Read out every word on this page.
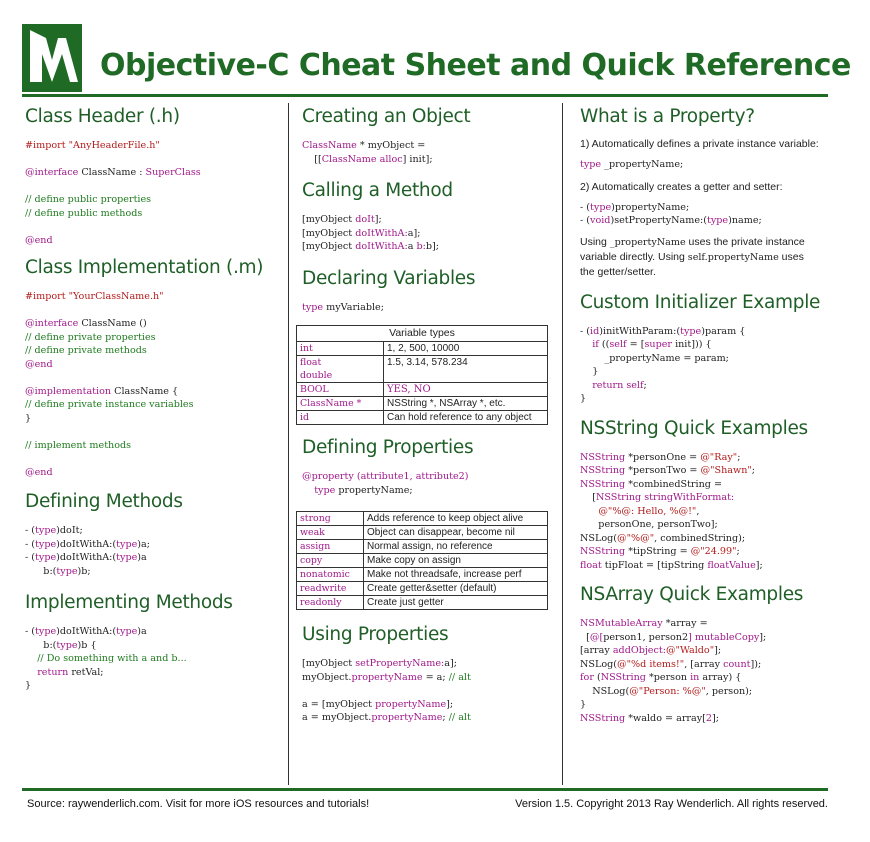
Objective-C Cheat Sheet and Quick Reference
Class Header (.h)
#import "AnyHeaderFile.h"

@interface ClassName : SuperClass

// define public properties
// define public methods

@end
Class Implementation (.m)
#import "YourClassName.h"

@interface ClassName ()
// define private properties
// define private methods
@end

@implementation ClassName {
// define private instance variables
}

// implement methods

@end
Defining Methods
- (type)doIt;
- (type)doItWithA:(type)a;
- (type)doItWithA:(type)a
b:(type)b;
Implementing Methods
- (type)doItWithA:(type)a
b:(type)b {
// Do something with a and b...
return retVal;
}
Creating an Object
ClassName * myObject =
[[ClassName alloc] init];
Calling a Method
[myObject doIt];
[myObject doItWithA:a];
[myObject doItWithA:a b:b];
Declaring Variables
type myVariable;
Variable types	
int	1, 2, 500, 10000
float
double	1.5, 3.14, 578.234
BOOL	YES, NO
ClassName *	NSString *, NSArray *, etc.
id	Can hold reference to any object
Defining Properties
@property (attribute1, attribute2)
type propertyName;
strong	Adds reference to keep object alive
weak	Object can disappear, become nil
assign	Normal assign, no reference
copy	Make copy on assign
nonatomic	Make not threadsafe, increase perf
readwrite	Create getter&setter (default)
readonly	Create just getter
Using Properties
[myObject setPropertyName:a];
myObject.propertyName = a; // alt

a = [myObject propertyName];
a = myObject.propertyName; // alt
What is a Property?
1) Automatically defines a private instance variable:
type _propertyName;
2) Automatically creates a getter and setter:
- (type)propertyName;
- (void)setPropertyName:(type)name;
Using _propertyName uses the private instance
variable directly. Using self.propertyName uses
the getter/setter.
Custom Initializer Example
- (id)initWithParam:(type)param {
if ((self = [super init])) {
_propertyName = param;
}
return self;
}
NSString Quick Examples
NSString *personOne = @"Ray";
NSString *personTwo = @"Shawn";
NSString *combinedString =
[NSString stringWithFormat:
@"%@: Hello, %@!",
personOne, personTwo];
NSLog(@"%@", combinedString);
NSString *tipString = @"24.99";
float tipFloat = [tipString floatValue];
NSArray Quick Examples
NSMutableArray *array =
[@[person1, person2] mutableCopy];
[array addObject:@"Waldo"];
NSLog(@"%d items!", [array count]);
for (NSString *person in array) {
NSLog(@"Person: %@", person);
}
NSString *waldo = array[2];
Source: raywenderlich.com. Visit for more iOS resources and tutorials!	Version 1.5. Copyright 2013 Ray Wenderlich. All rights reserved.
